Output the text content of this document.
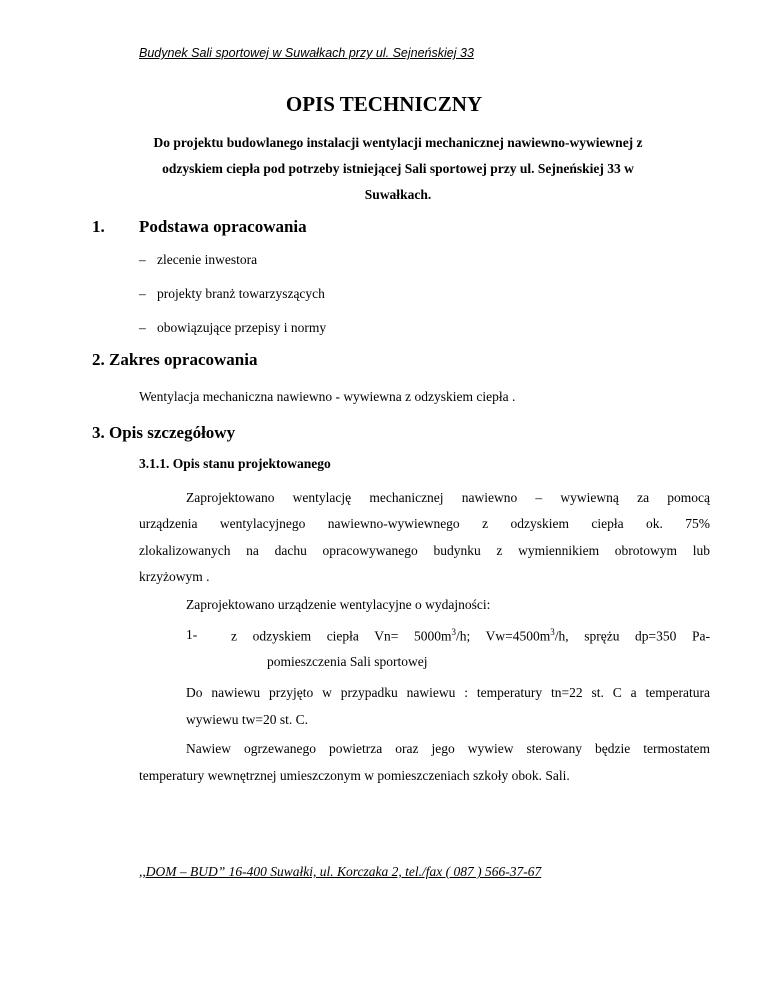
Budynek Sali sportowej w Suwałkach przy ul. Sejneńskiej 33
OPIS TECHNICZNY
Do projektu budowlanego instalacji wentylacji mechanicznej nawiewno-wywiewnej z
odzyskiem ciepła pod potrzeby istniejącej Sali sportowej przy ul. Sejneńskiej 33 w
Suwałkach.
1. Podstawa opracowania
– zlecenie inwestora
– projekty branż towarzyszących
– obowiązujące przepisy i normy
2. Zakres opracowania
Wentylacja mechaniczna nawiewno - wywiewna z odzyskiem ciepła .
3. Opis szczegółowy
3.1.1. Opis stanu projektowanego
Zaprojektowano wentylację mechanicznej nawiewno – wywiewną za pomocą
urządzenia wentylacyjnego nawiewno-wywiewnego z odzyskiem ciepła ok. 75%
zlokalizowanych na dachu opracowywanego budynku z wymiennikiem obrotowym lub
krzyżowym .
Zaprojektowano urządzenie wentylacyjne o wydajności:
1-	z odzyskiem ciepła $Vn= 5000m^3/h$; $Vw=4500m^3/h$, sprężu dp=350 Pa-
pomieszczenia Sali sportowej
Do nawiewu przyjęto w przypadku nawiewu : temperatury tn=22 st. C a temperatura
wywiewu tw=20 st. C.
Nawiew ogrzewanego powietrza oraz jego wywiew sterowany będzie termostatem
temperatury wewnętrznej umieszczonym w pomieszczeniach szkoły obok. Sali.
,,DOM – BUD” 16-400 Suwałki, ul. Korczaka 2, tel./fax ( 087 ) 566-37-67
